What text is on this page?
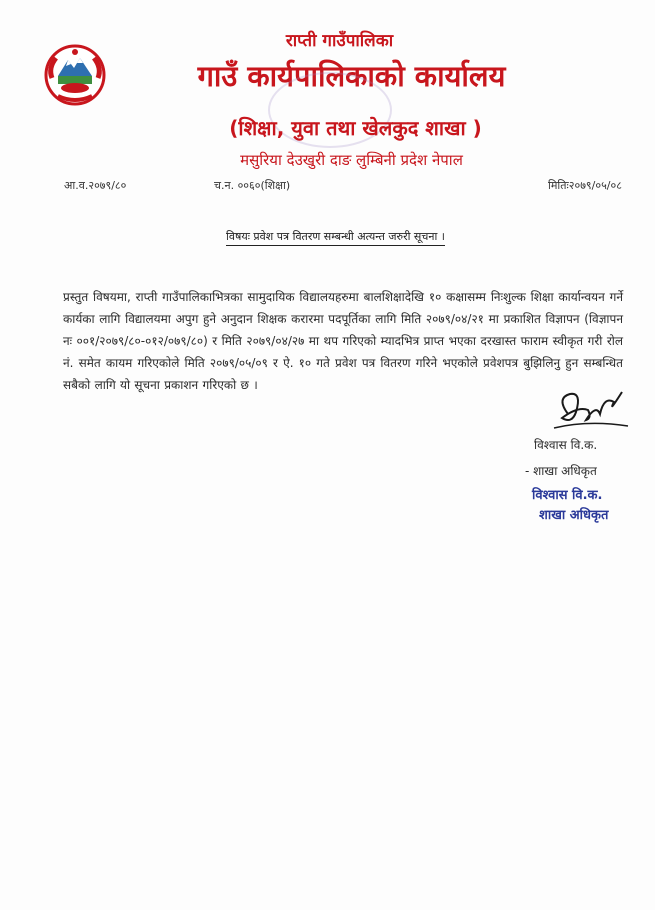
राप्ती गाउँपालिका
गाउँ कार्यपालिकाको कार्यालय
(शिक्षा, युवा तथा खेलकुद शाखा )
मसुरिया देउखुरी दाङ लुम्बिनी प्रदेश नेपाल
आ.व.२०७९/८०	च.न. ००६०(शिक्षा)	मितिः२०७९/०५/०८
विषयः प्रवेश पत्र वितरण सम्बन्धी अत्यन्त जरुरी सूचना ।
प्रस्तुत विषयमा, राप्ती गाउँपालिकाभित्रका सामुदायिक विद्यालयहरुमा बालशिक्षादेखि १० कक्षासम्म निःशुल्क शिक्षा कार्यान्वयन गर्ने कार्यका लागि विद्यालयमा अपुग हुने अनुदान शिक्षक करारमा पदपूर्तिका लागि मिति २०७९/०४/२१ मा प्रकाशित विज्ञापन (विज्ञापन नः ००१/२०७९/८०-०१२/०७९/८०) र मिति २०७९/०४/२७ मा थप गरिएको म्यादभित्र प्राप्त भएका दरखास्त फाराम स्वीकृत गरी रोल नं. समेत कायम गरिएकोले मिति २०७९/०५/०९ र ऐ. १० गते प्रवेश पत्र वितरण गरिने भएकोले प्रवेशपत्र बुझिलिनु हुन सम्बन्धित सबैको लागि यो सूचना प्रकाशन गरिएको छ ।
विश्वास वि.क.
- शाखा अधिकृत
विश्वास वि.क.
शाखा अधिकृत
